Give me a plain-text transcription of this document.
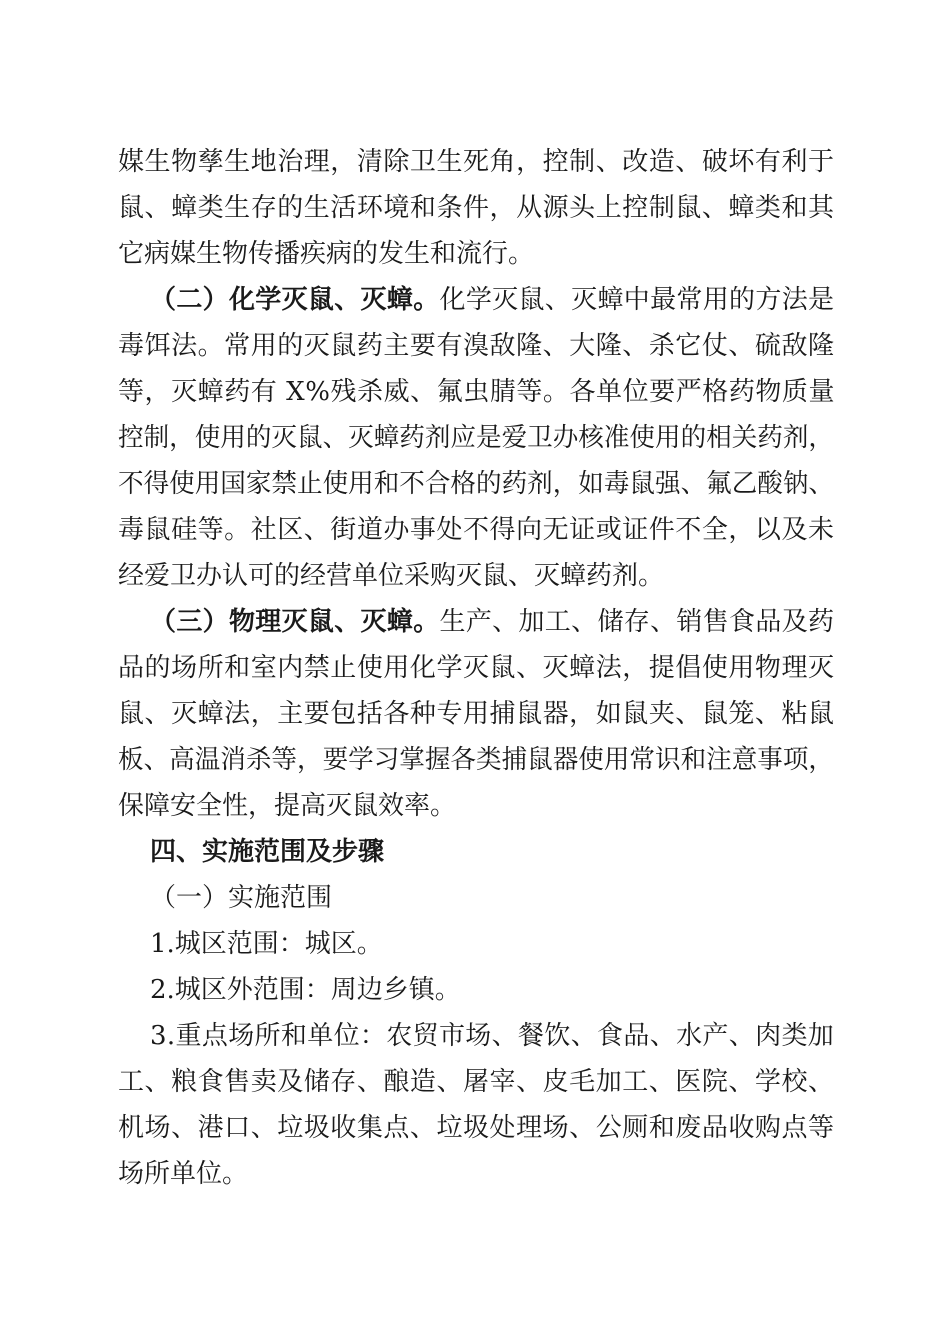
媒生物孳生地治理，清除卫生死角，控制、改造、破坏有利于
鼠、蟑类生存的生活环境和条件，从源头上控制鼠、蟑类和其
它病媒生物传播疾病的发生和流行。
（二）化学灭鼠、灭蟑。化学灭鼠、灭蟑中最常用的方法是
毒饵法。常用的灭鼠药主要有溴敌隆、大隆、杀它仗、硫敌隆
等，灭蟑药有 X%残杀威、氟虫腈等。各单位要严格药物质量
控制，使用的灭鼠、灭蟑药剂应是爱卫办核准使用的相关药剂，
不得使用国家禁止使用和不合格的药剂，如毒鼠强、氟乙酸钠、
毒鼠硅等。社区、街道办事处不得向无证或证件不全，以及未
经爱卫办认可的经营单位采购灭鼠、灭蟑药剂。
（三）物理灭鼠、灭蟑。生产、加工、储存、销售食品及药
品的场所和室内禁止使用化学灭鼠、灭蟑法，提倡使用物理灭
鼠、灭蟑法，主要包括各种专用捕鼠器，如鼠夹、鼠笼、粘鼠
板、高温消杀等，要学习掌握各类捕鼠器使用常识和注意事项，
保障安全性，提高灭鼠效率。
四、实施范围及步骤
（一）实施范围
1.城区范围：城区。
2.城区外范围：周边乡镇。
3.重点场所和单位：农贸市场、餐饮、食品、水产、肉类加
工、粮食售卖及储存、酿造、屠宰、皮毛加工、医院、学校、
机场、港口、垃圾收集点、垃圾处理场、公厕和废品收购点等
场所单位。
